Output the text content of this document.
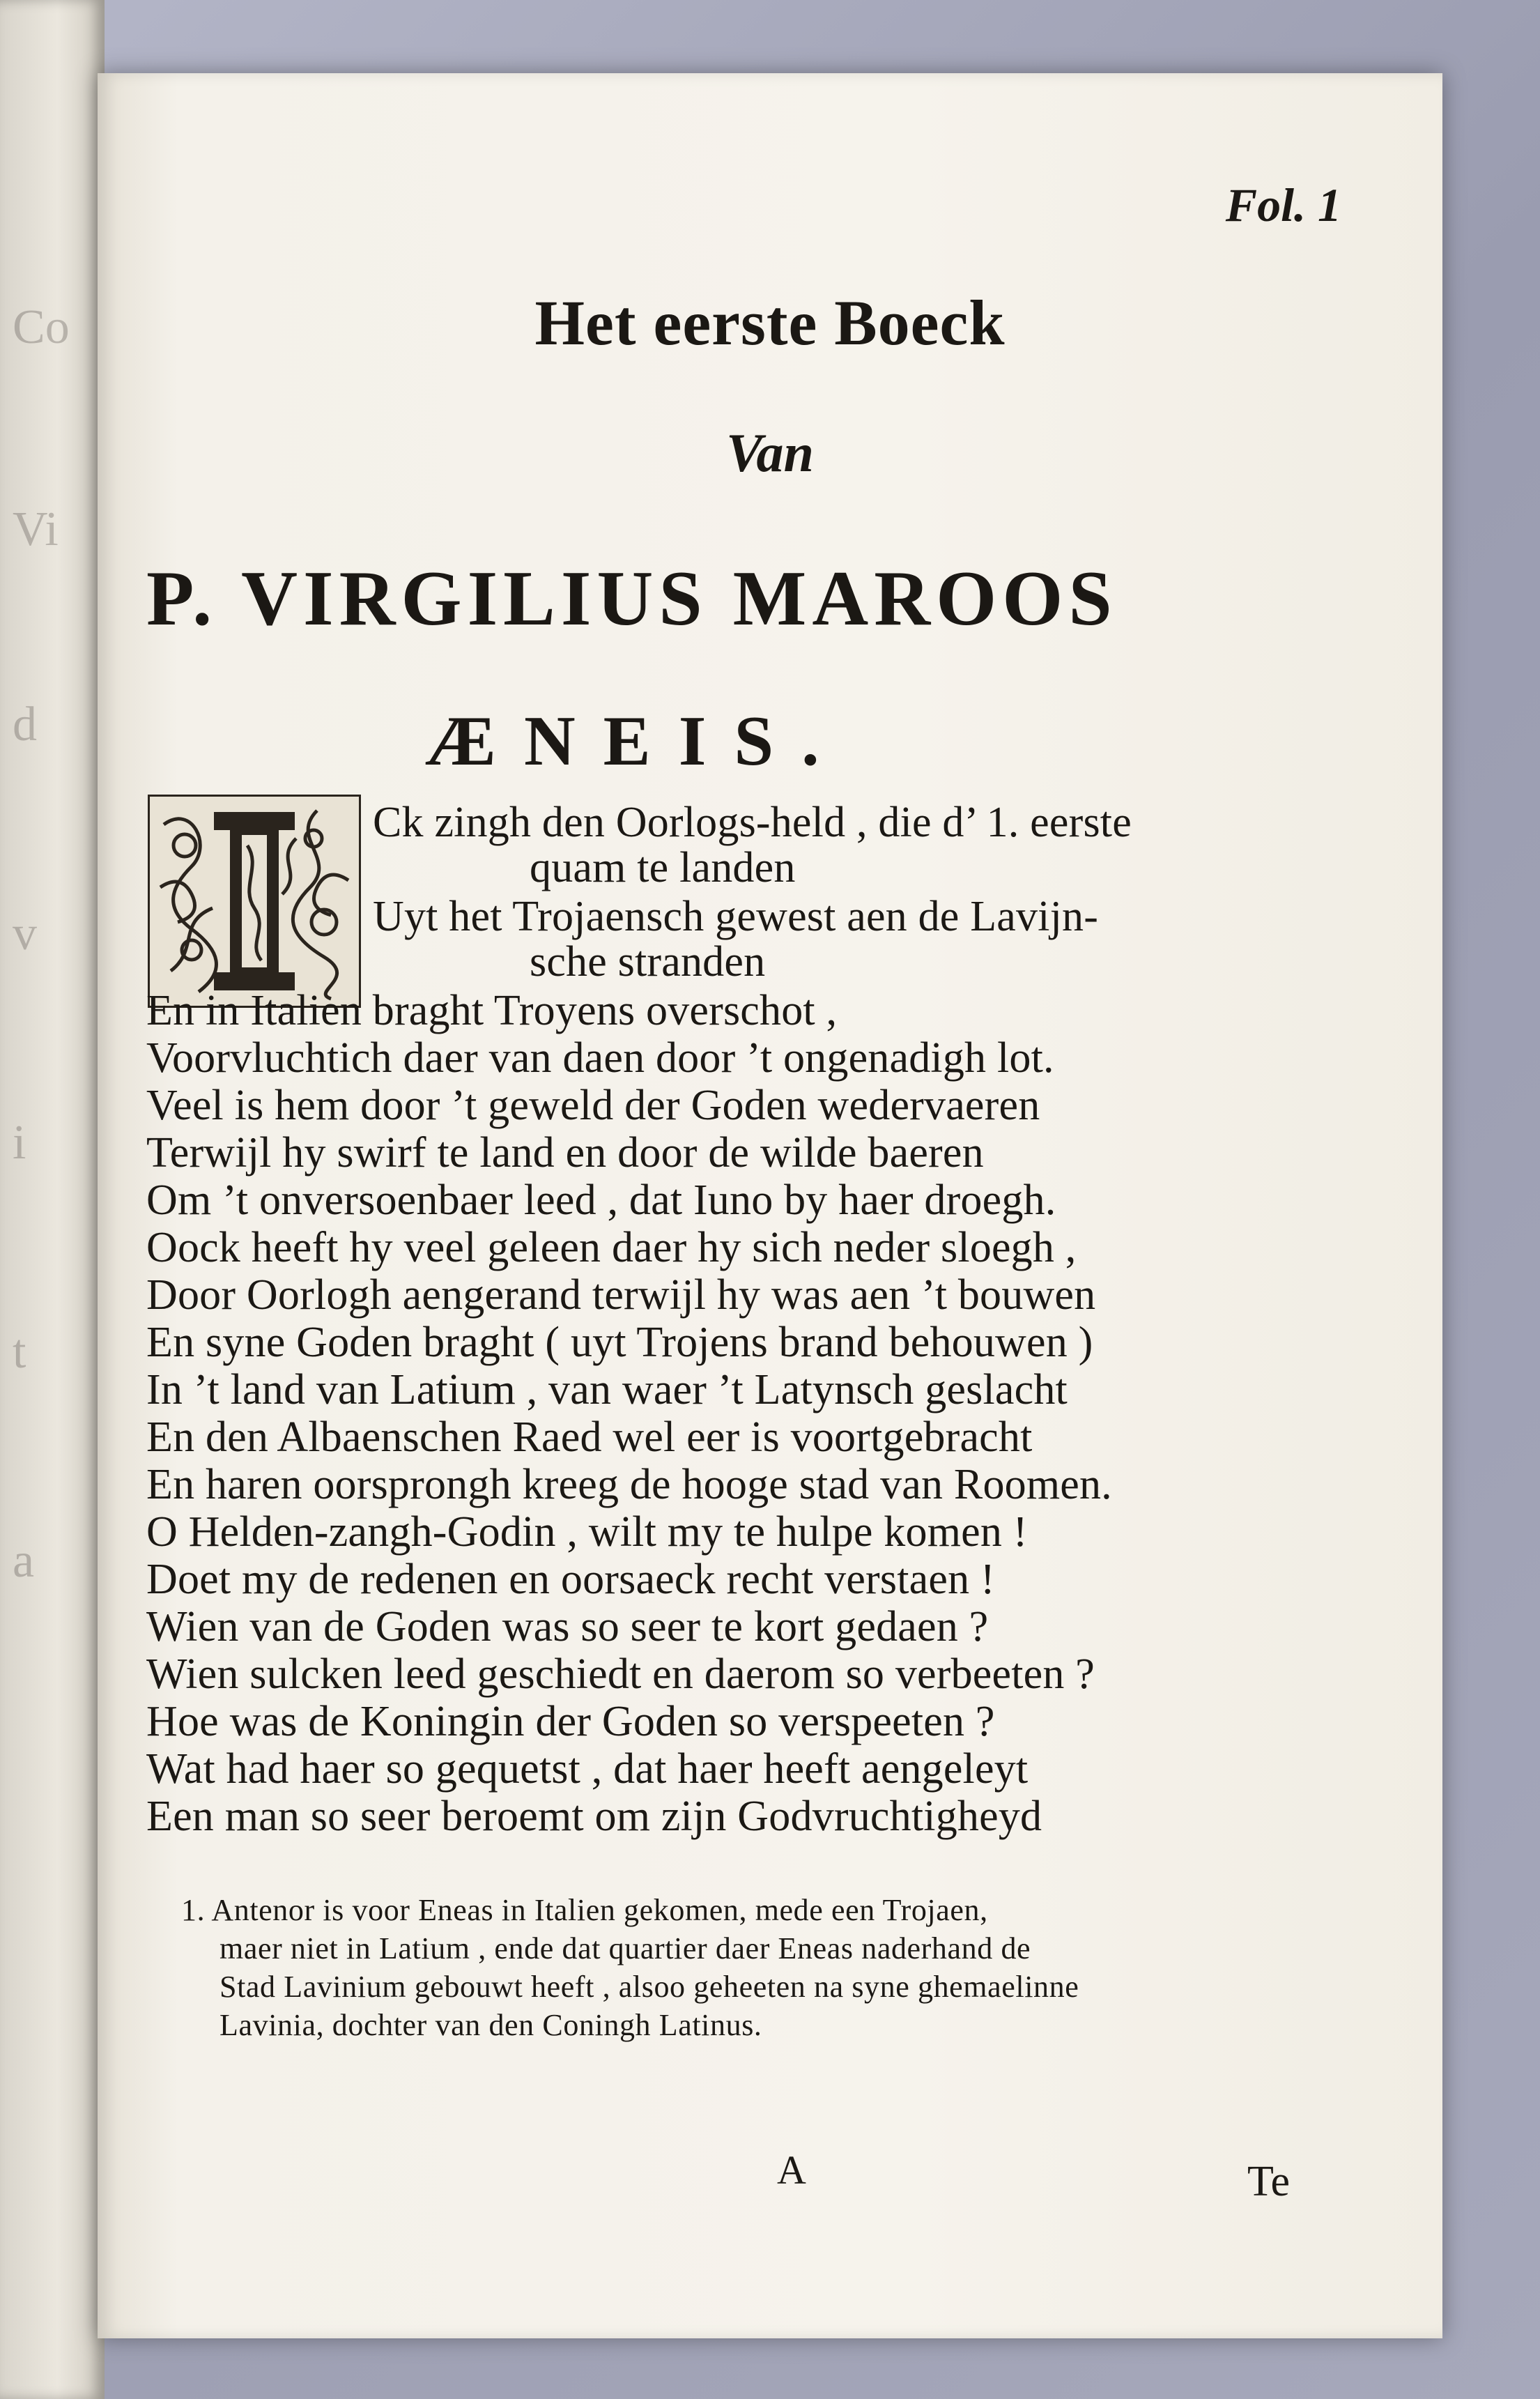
Co
Vi
d
v
i
t
a
Fol. 1
Het eerste Boeck
Van
P. VIRGILIUS MAROOS
ÆNEIS.
Ck zingh den Oorlogs-held , die d’ 1. eerste
quam te landen
Uyt het Trojaensch gewest aen de Lavijn-
sche stranden
En in Italien braght Troyens overschot ,
Voorvluchtich daer van daen door ’t ongenadigh lot.
Veel is hem door ’t geweld der Goden wedervaeren
Terwijl hy swirf te land en door de wilde baeren
Om ’t onversoenbaer leed , dat Iuno by haer droegh.
Oock heeft hy veel geleen daer hy sich neder sloegh ,
Door Oorlogh aengerand terwijl hy was aen ’t bouwen
En syne Goden braght ( uyt Trojens brand behouwen )
In ’t land van Latium , van waer ’t Latynsch geslacht
En den Albaenschen Raed wel eer is voortgebracht
En haren oorsprongh kreeg de hooge stad van Roomen.
O Helden-zangh-Godin , wilt my te hulpe komen !
Doet my de redenen en oorsaeck recht verstaen !
Wien van de Goden was so seer te kort gedaen ?
Wien sulcken leed geschiedt en daerom so verbeeten ?
Hoe was de Koningin der Goden so verspeeten ?
Wat had haer so gequetst , dat haer heeft aengeleyt
Een man so seer beroemt om zijn Godvruchtigheyd
1. Antenor is voor Eneas in Italien gekomen, mede een Trojaen,
maer niet in Latium , ende dat quartier daer Eneas naderhand de
Stad Lavinium gebouwt heeft , alsoo geheeten na syne ghemaelinne
Lavinia, dochter van den Coningh Latinus.
A	Te
